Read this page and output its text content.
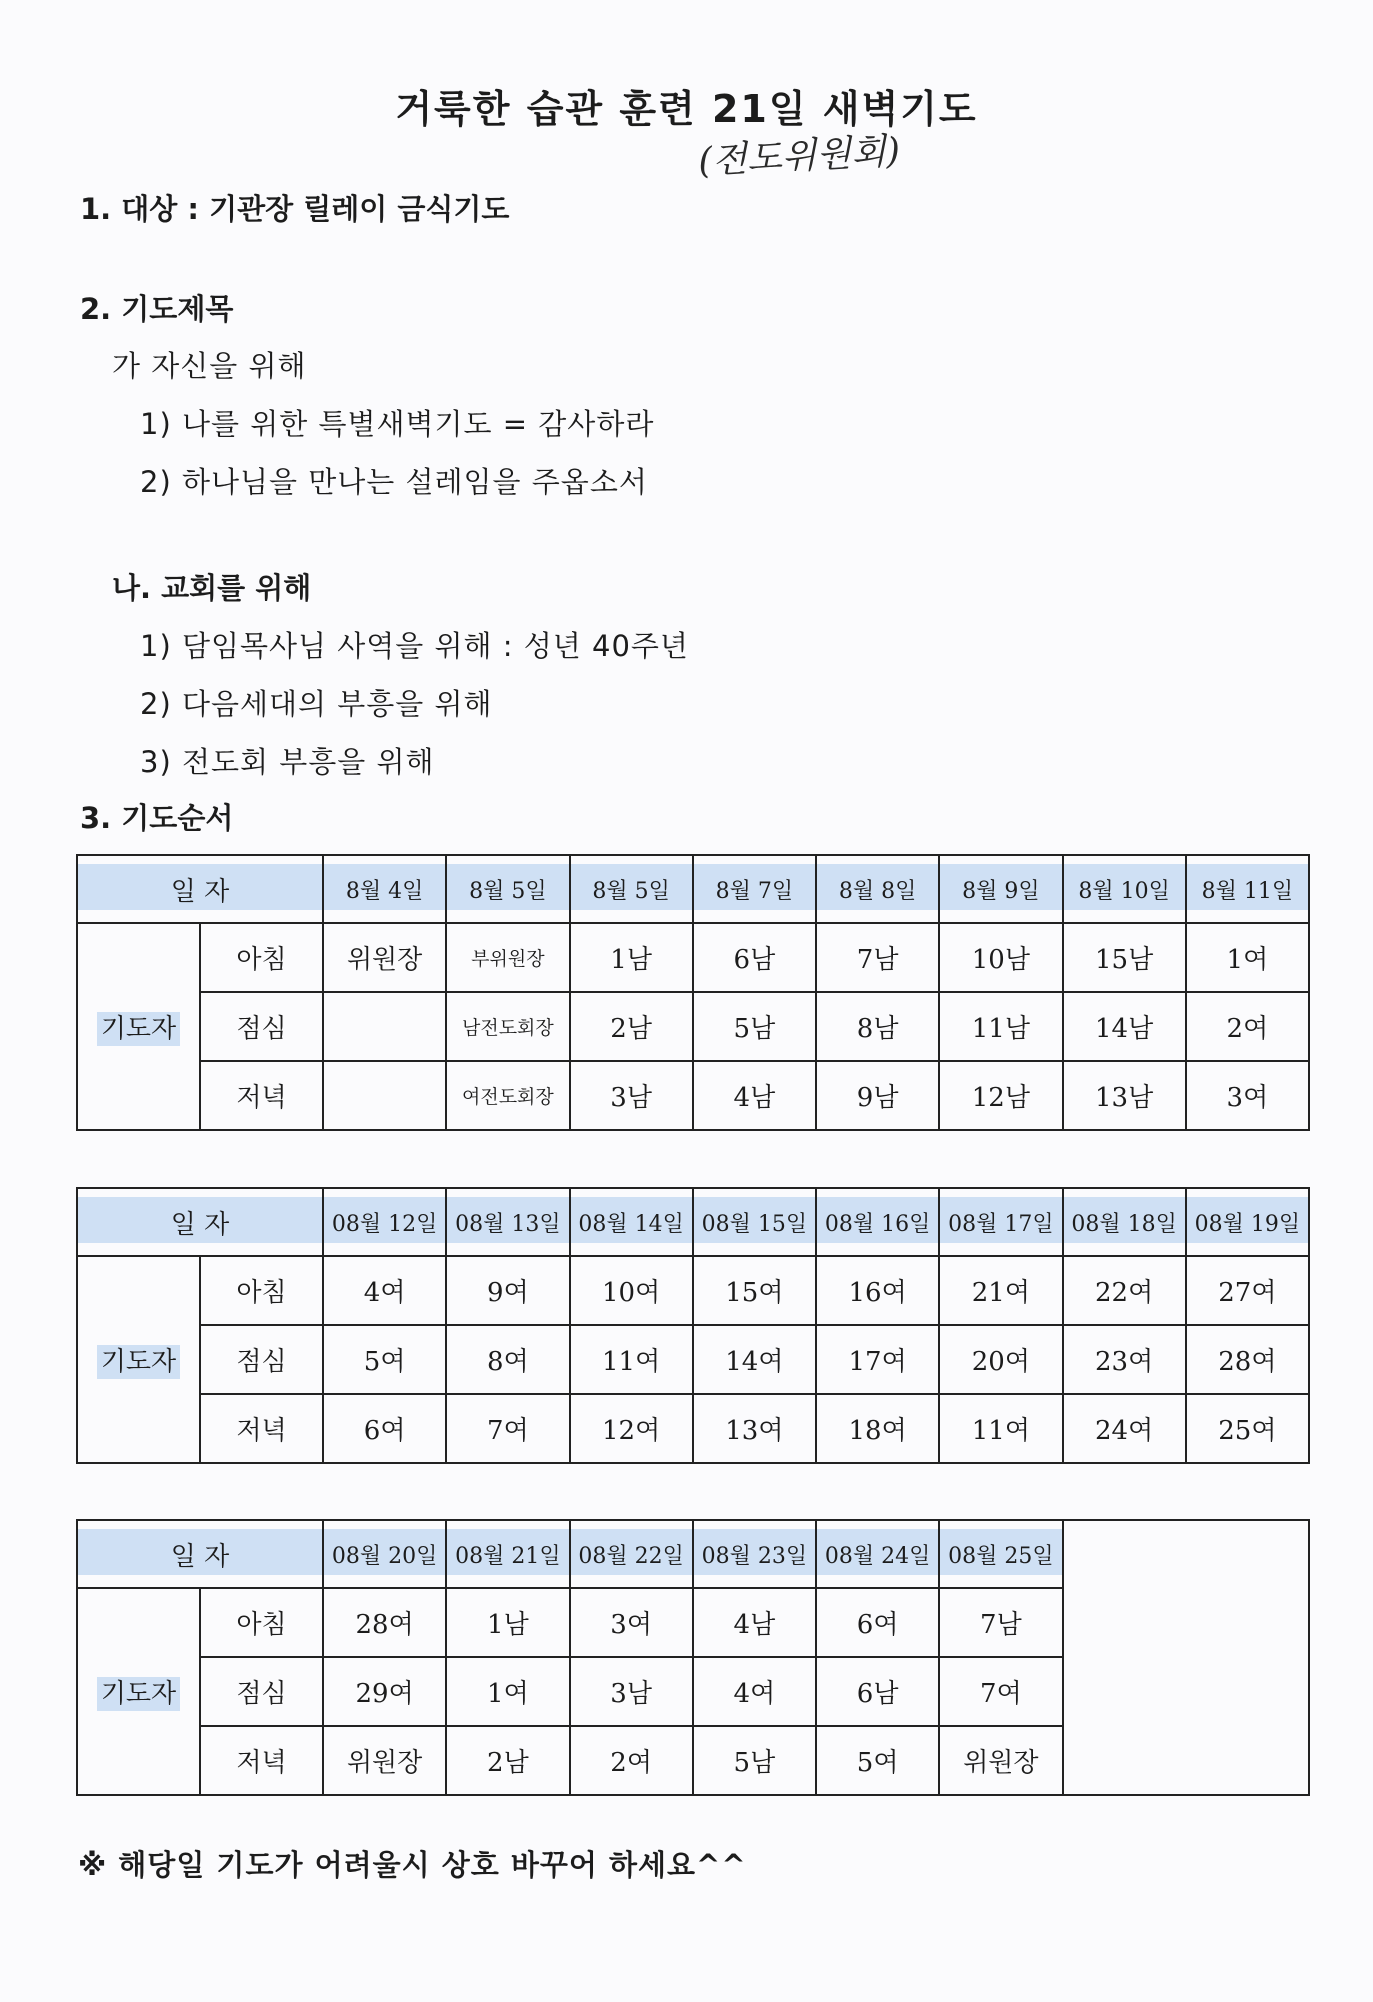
거룩한 습관 훈련 21일 새벽기도
(전도위원회)
1. 대상 : 기관장 릴레이 금식기도
2. 기도제목
가 자신을 위해
1) 나를 위한 특별새벽기도 = 감사하라
2) 하나님을 만나는 설레임을 주옵소서
나. 교회를 위해
1) 담임목사님 사역을 위해 : 성년 40주년
2) 다음세대의 부흥을 위해
3) 전도회 부흥을 위해
3. 기도순서
일 자		8월 4일	8월 5일	8월 5일	8월 7일	8월 8일	8월 9일	8월 10일	8월 11일
기도자	아침	위원장	부위원장	1남	6남	7남	10남	15남	1여
	점심		남전도회장	2남	5남	8남	11남	14남	2여
	저녁		여전도회장	3남	4남	9남	12남	13남	3여
일 자		08월 12일	08월 13일	08월 14일	08월 15일	08월 16일	08월 17일	08월 18일	08월 19일
기도자	아침	4여	9여	10여	15여	16여	21여	22여	27여
	점심	5여	8여	11여	14여	17여	20여	23여	28여
	저녁	6여	7여	12여	13여	18여	11여	24여	25여
일 자		08월 20일	08월 21일	08월 22일	08월 23일	08월 24일	08월 25일	
기도자	아침	28여	1남	3여	4남	6여	7남	
	점심	29여	1여	3남	4여	6남	7여	
	저녁	위원장	2남	2여	5남	5여	위원장	
※ 해당일 기도가 어려울시 상호 바꾸어 하세요^^
